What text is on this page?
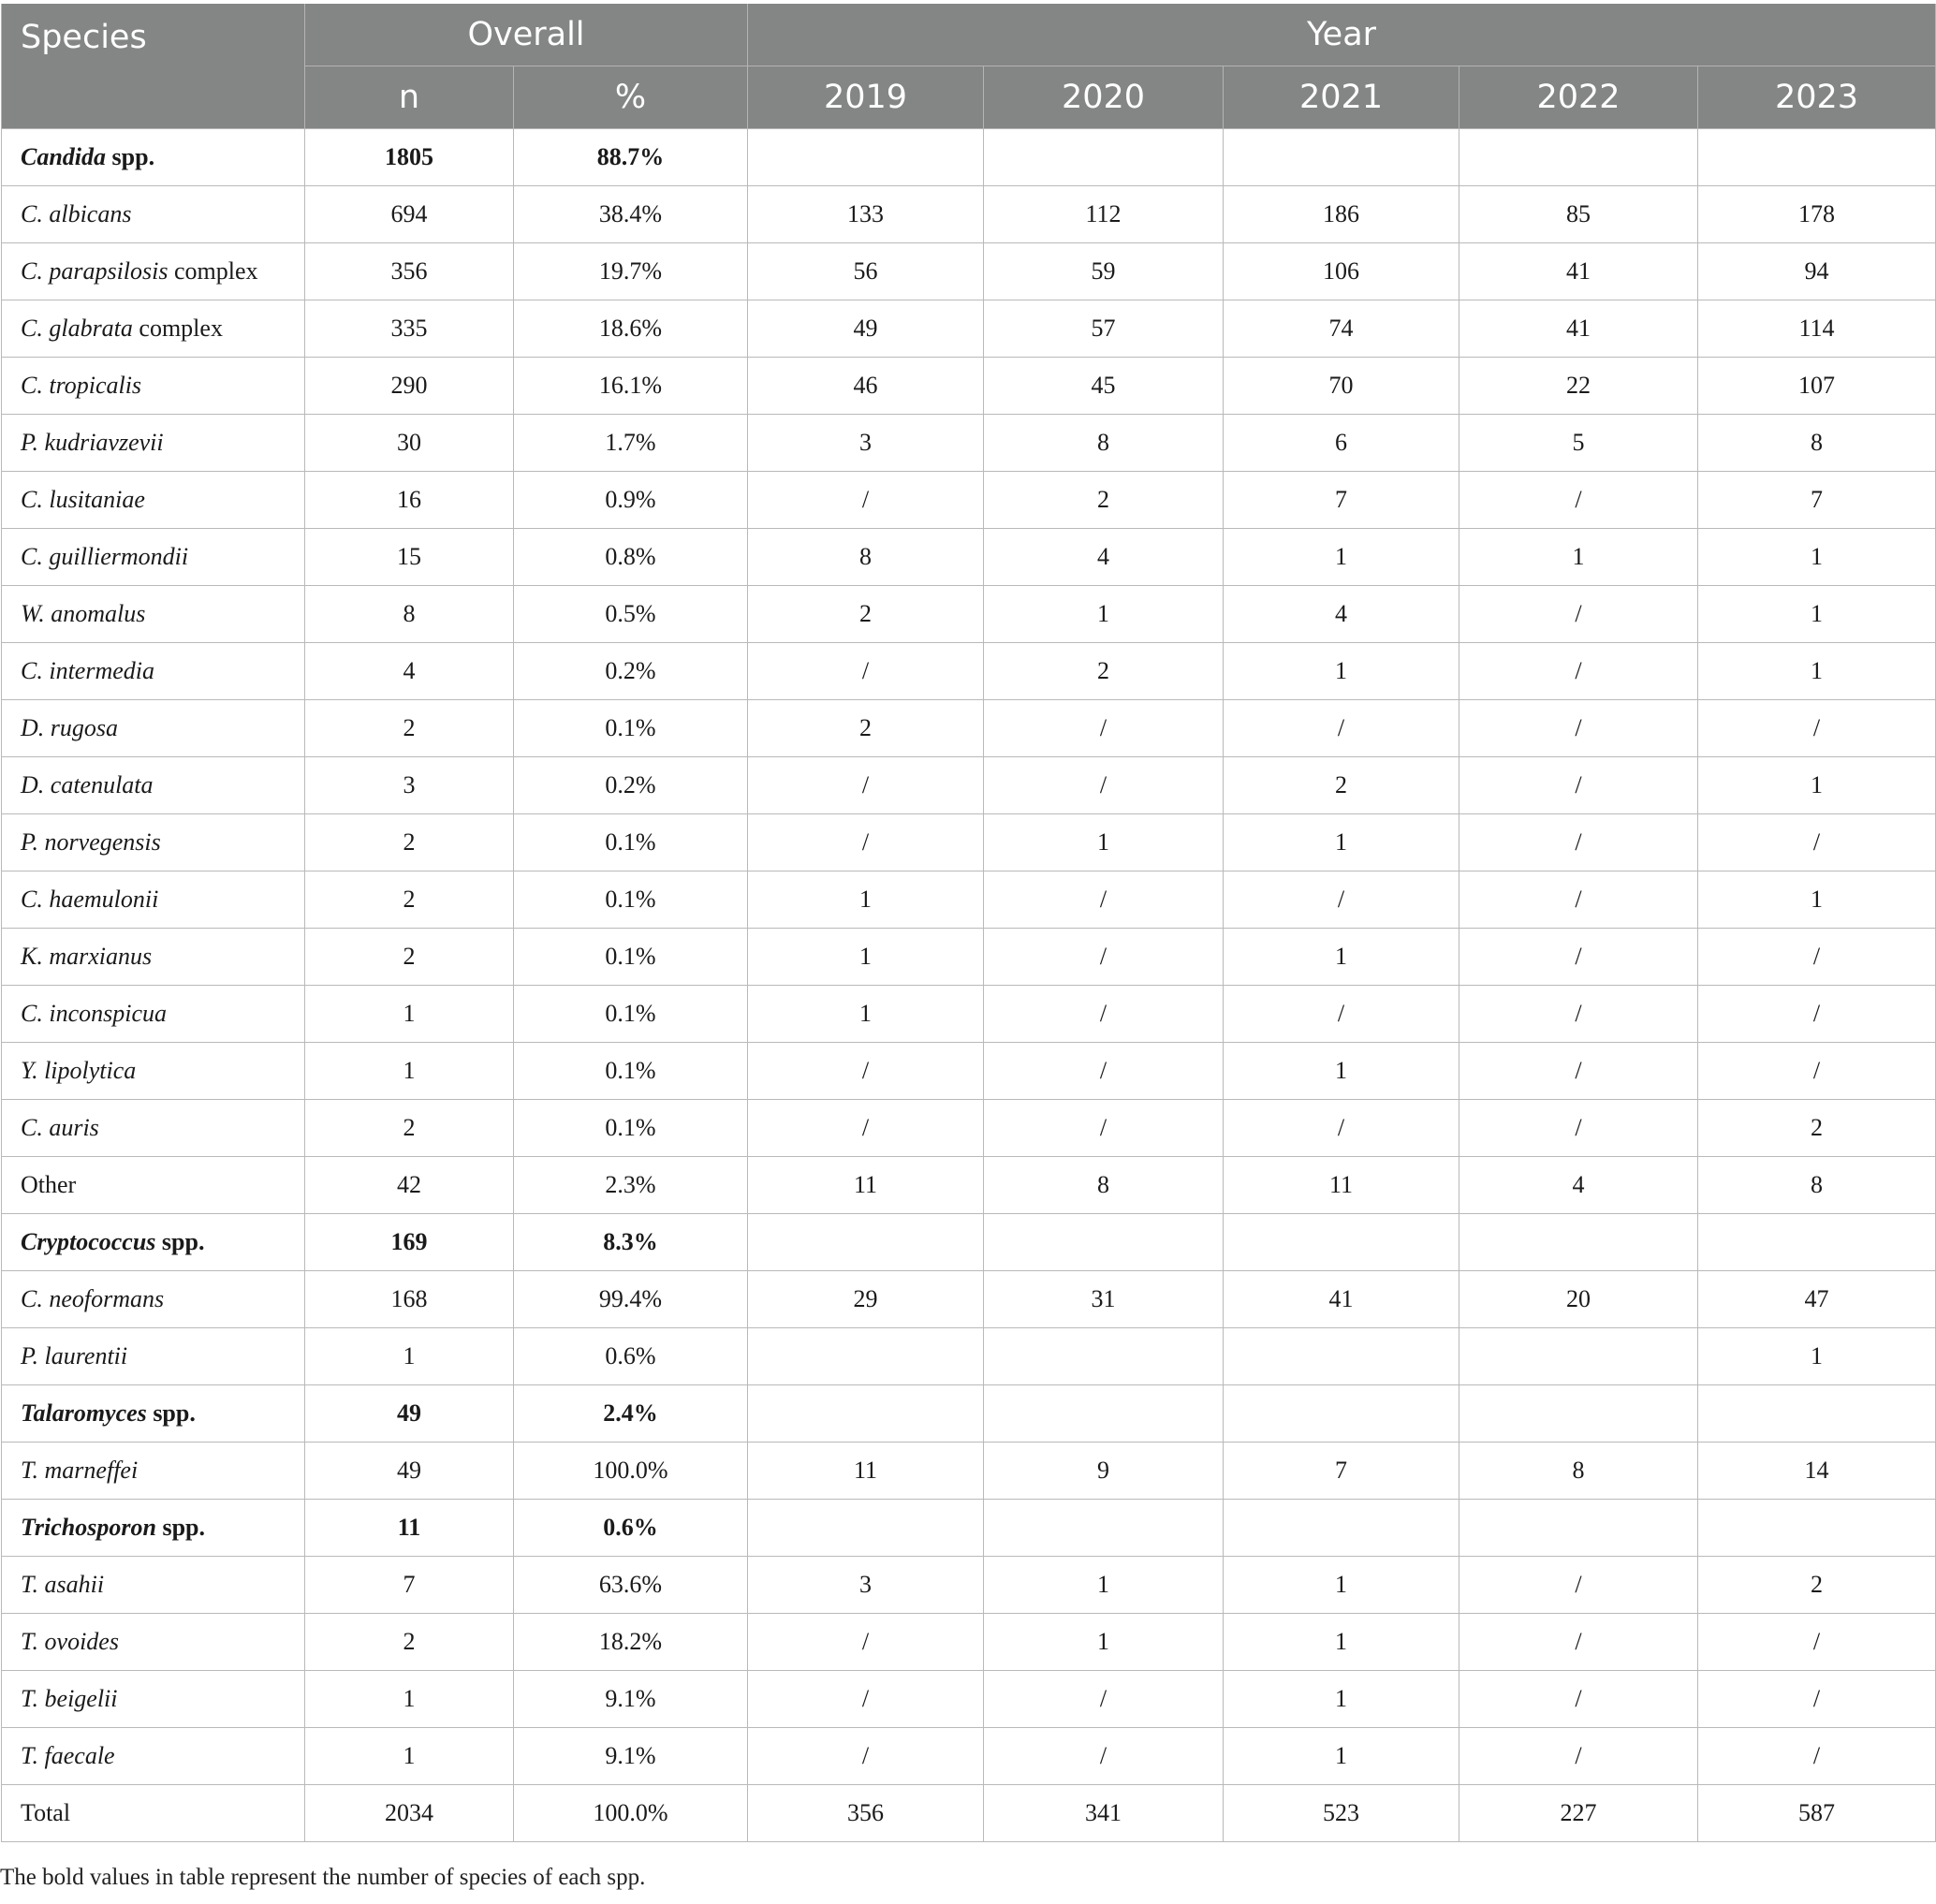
Species	Overall		Year				
	n	%	2019	2020	2021	2022	2023
Candida spp.	1805	88.7%					
C. albicans	694	38.4%	133	112	186	85	178
C. parapsilosis complex	356	19.7%	56	59	106	41	94
C. glabrata complex	335	18.6%	49	57	74	41	114
C. tropicalis	290	16.1%	46	45	70	22	107
P. kudriavzevii	30	1.7%	3	8	6	5	8
C. lusitaniae	16	0.9%	/	2	7	/	7
C. guilliermondii	15	0.8%	8	4	1	1	1
W. anomalus	8	0.5%	2	1	4	/	1
C. intermedia	4	0.2%	/	2	1	/	1
D. rugosa	2	0.1%	2	/	/	/	/
D. catenulata	3	0.2%	/	/	2	/	1
P. norvegensis	2	0.1%	/	1	1	/	/
C. haemulonii	2	0.1%	1	/	/	/	1
K. marxianus	2	0.1%	1	/	1	/	/
C. inconspicua	1	0.1%	1	/	/	/	/
Y. lipolytica	1	0.1%	/	/	1	/	/
C. auris	2	0.1%	/	/	/	/	2
Other	42	2.3%	11	8	11	4	8
Cryptococcus spp.	169	8.3%					
C. neoformans	168	99.4%	29	31	41	20	47
P. laurentii	1	0.6%					1
Talaromyces spp.	49	2.4%					
T. marneffei	49	100.0%	11	9	7	8	14
Trichosporon spp.	11	0.6%					
T. asahii	7	63.6%	3	1	1	/	2
T. ovoides	2	18.2%	/	1	1	/	/
T. beigelii	1	9.1%	/	/	1	/	/
T. faecale	1	9.1%	/	/	1	/	/
Total	2034	100.0%	356	341	523	227	587
The bold values in table represent the number of species of each spp.
